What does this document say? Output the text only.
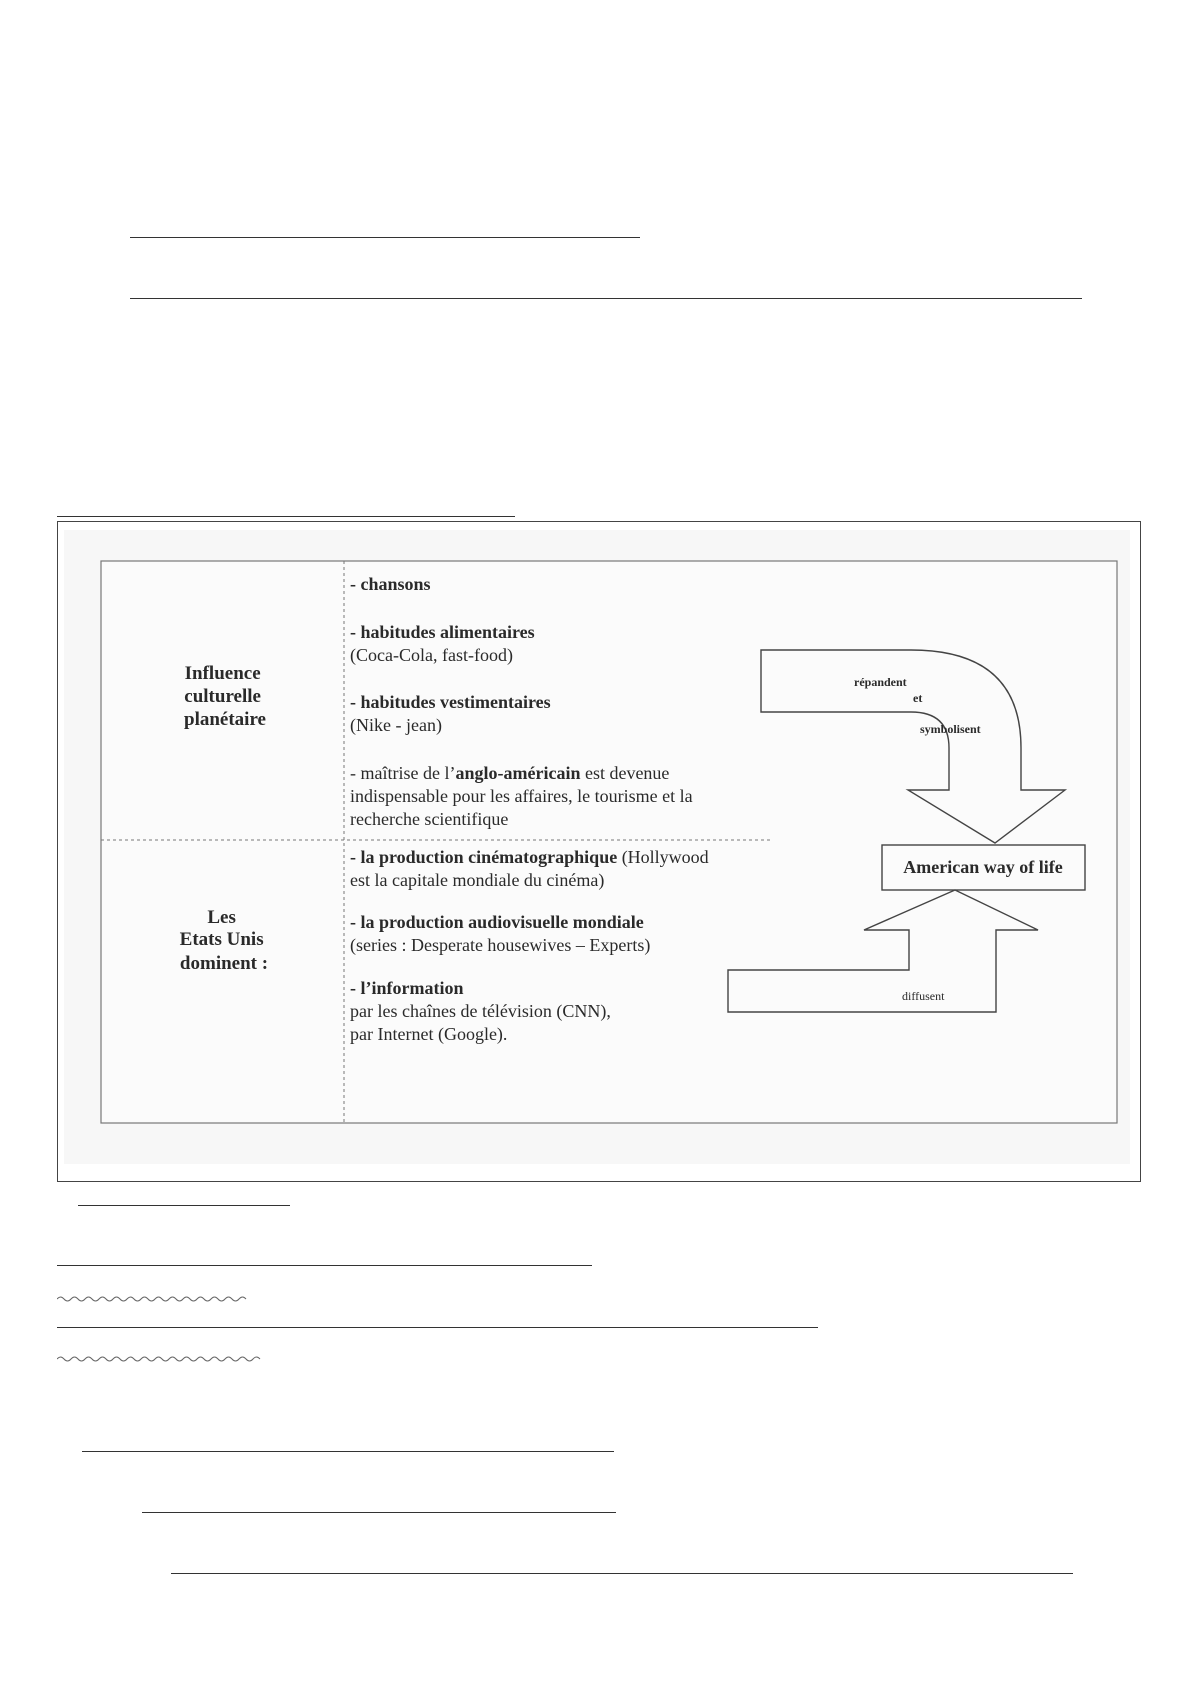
Influence culturelle planétaire
Les Etats Unis dominent :
- chansons
- habitudes alimentaires
(Coca-Cola, fast-food)
- habitudes vestimentaires
(Nike - jean)
- maîtrise de l’anglo-américain est devenue
indispensable pour les affaires, le tourisme et la
recherche scientifique
- la production cinématographique (Hollywood
est la capitale mondiale du cinéma)
- la production audiovisuelle mondiale
(series : Desperate housewives – Experts)
- l’information
par les chaînes de télévision (CNN),
par Internet (Google).
répandent
et
symbolisent
American way of life
diffusent
